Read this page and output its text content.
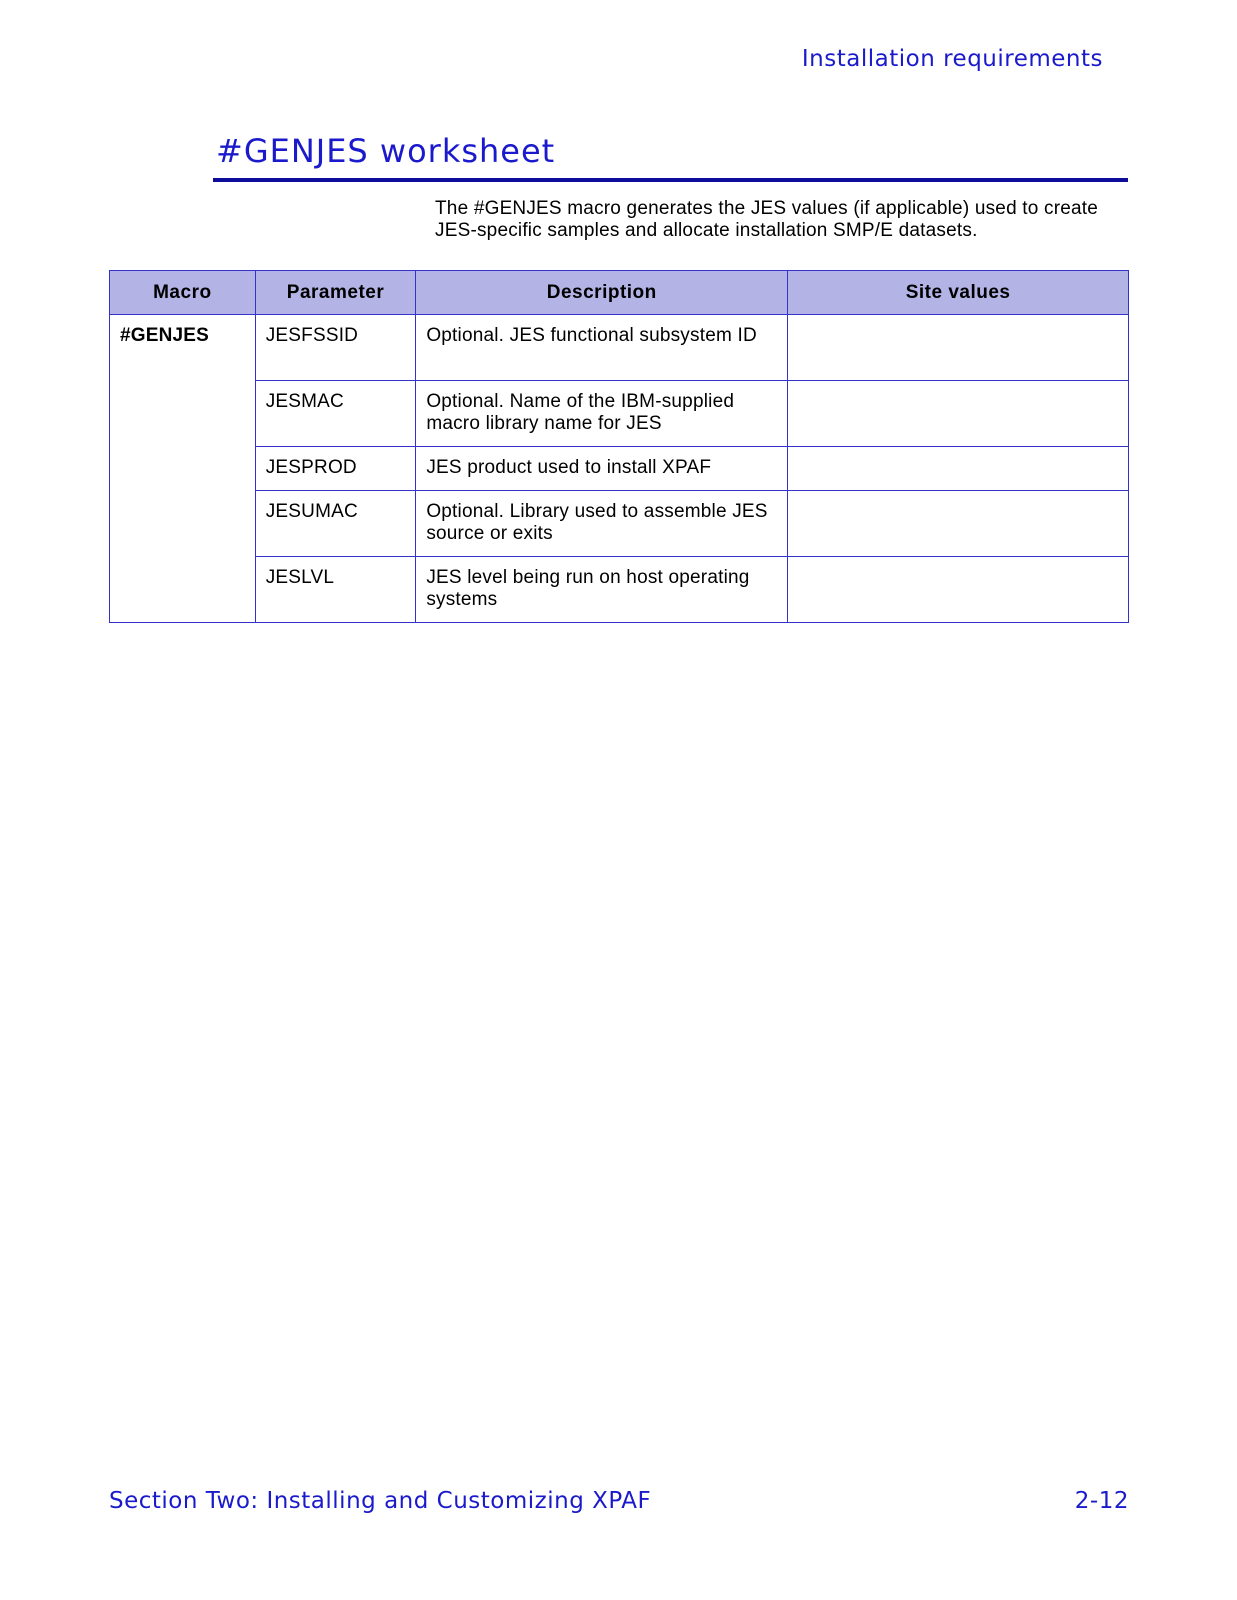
Installation requirements
#GENJES worksheet

The #GENJES macro generates the JES values (if applicable) used to create JES-specific samples and allocate installation SMP/E datasets.

Macro	Parameter	Description	Site values
#GENJES	JESFSSID	Optional. JES functional subsystem ID	
	JESMAC	Optional. Name of the IBM-supplied macro library name for JES	
	JESPROD	JES product used to install XPAF	
	JESUMAC	Optional. Library used to assemble JES source or exits	
	JESLVL	JES level being run on host operating systems	
Section Two: Installing and Customizing XPAF	2-12
